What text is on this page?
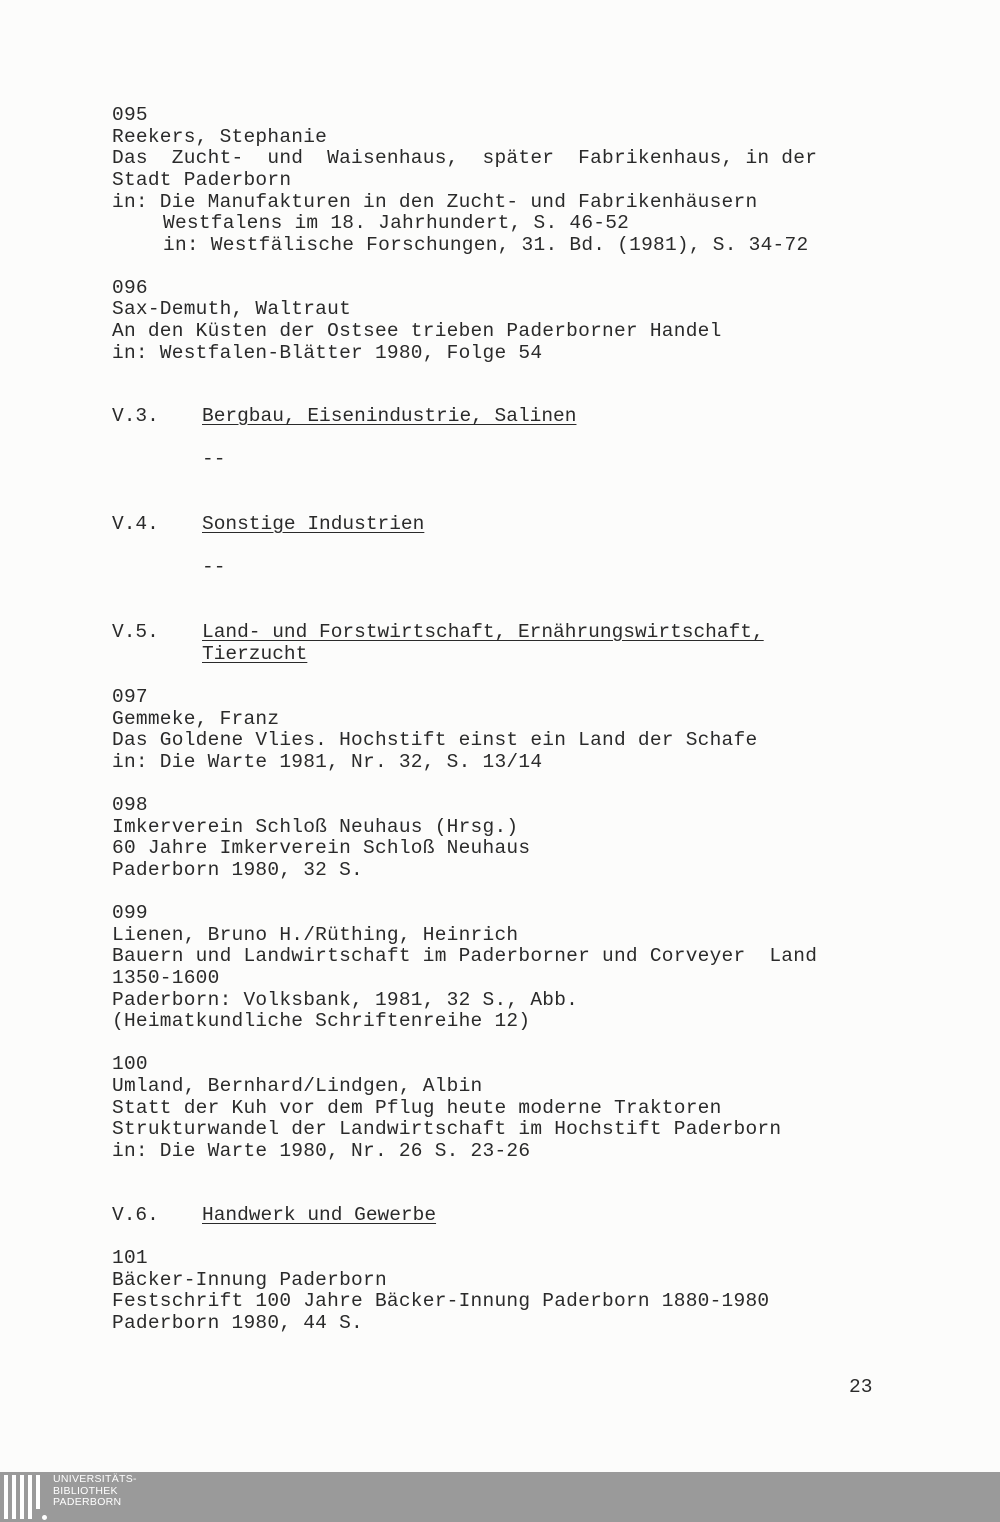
095
Reekers, Stephanie
Das  Zucht-  und  Waisenhaus,  später  Fabrikenhaus, in der
Stadt Paderborn
in: Die Manufakturen in den Zucht- und Fabrikenhäusern
Westfalens im 18. Jahrhundert, S. 46-52
in: Westfälische Forschungen, 31. Bd. (1981), S. 34-72
096
Sax-Demuth, Waltraut
An den Küsten der Ostsee trieben Paderborner Handel
in: Westfalen-Blätter 1980, Folge 54
V.3. Bergbau, Eisenindustrie, Salinen
--
V.4. Sonstige Industrien
--
V.5. Land- und Forstwirtschaft, Ernährungswirtschaft,
Tierzucht
097
Gemmeke, Franz
Das Goldene Vlies. Hochstift einst ein Land der Schafe
in: Die Warte 1981, Nr. 32, S. 13/14
098
Imkerverein Schloß Neuhaus (Hrsg.)
60 Jahre Imkerverein Schloß Neuhaus
Paderborn 1980, 32 S.
099
Lienen, Bruno H./Rüthing, Heinrich
Bauern und Landwirtschaft im Paderborner und Corveyer  Land
1350-1600
Paderborn: Volksbank, 1981, 32 S., Abb.
(Heimatkundliche Schriftenreihe 12)
100
Umland, Bernhard/Lindgen, Albin
Statt der Kuh vor dem Pflug heute moderne Traktoren
Strukturwandel der Landwirtschaft im Hochstift Paderborn
in: Die Warte 1980, Nr. 26 S. 23-26
V.6. Handwerk und Gewerbe
101
Bäcker-Innung Paderborn
Festschrift 100 Jahre Bäcker-Innung Paderborn 1880-1980
Paderborn 1980, 44 S.
23
UNIVERSITÄTS-
BIBLIOTHEK
PADERBORN
